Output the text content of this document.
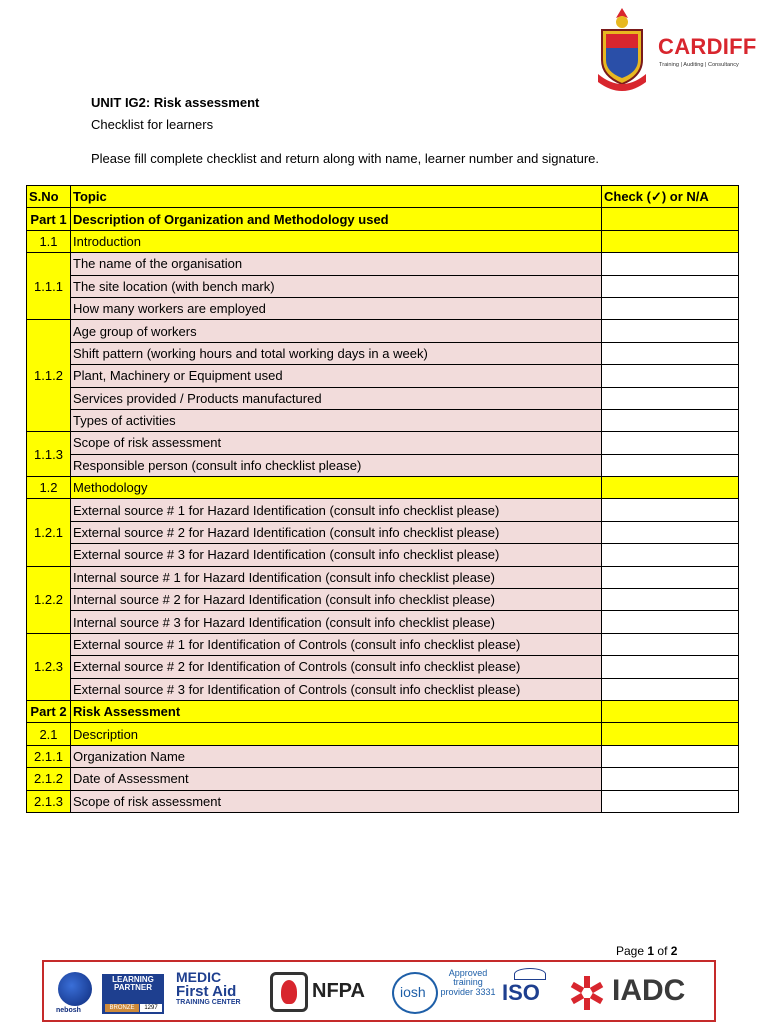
CARDIFF
Training | Auditing | Consultancy
UNIT IG2: Risk assessment
Checklist for learners
Please fill complete checklist and return along with name, learner number and signature.
S.No	Topic	Check (✓) or N/A
Part 1	Description of Organization and Methodology used	
1.1	Introduction	
1.1.1	The name of the organisation	
	The site location (with bench mark)	
	How many workers are employed	
1.1.2	Age group of workers	
	Shift pattern (working hours and total working days in a week)	
	Plant, Machinery or Equipment used	
	Services provided / Products manufactured	
	Types of activities	
1.1.3	Scope of risk assessment	
	Responsible person (consult info checklist please)	
1.2	Methodology	
1.2.1	External source # 1 for Hazard Identification (consult info checklist please)	
	External source # 2 for Hazard Identification (consult info checklist please)	
	External source # 3 for Hazard Identification (consult info checklist please)	
1.2.2	Internal source # 1 for Hazard Identification (consult info checklist please)	
	Internal source # 2 for Hazard Identification (consult info checklist please)	
	Internal source # 3 for Hazard Identification (consult info checklist please)	
1.2.3	External source # 1 for Identification of Controls (consult info checklist please)	
	External source # 2 for Identification of Controls (consult info checklist please)	
	External source # 3 for Identification of Controls (consult info checklist please)	
Part 2	Risk Assessment	
2.1	Description	
2.1.1	Organization Name	
2.1.2	Date of Assessment	
2.1.3	Scope of risk assessment	
Page 1 of 2
nebosh
LEARNING PARTNER
BRONZE	1297
MEDIC
First Aid
TRAINING CENTER
NFPA	iosh
Approved training provider 3331 ISO IADC
